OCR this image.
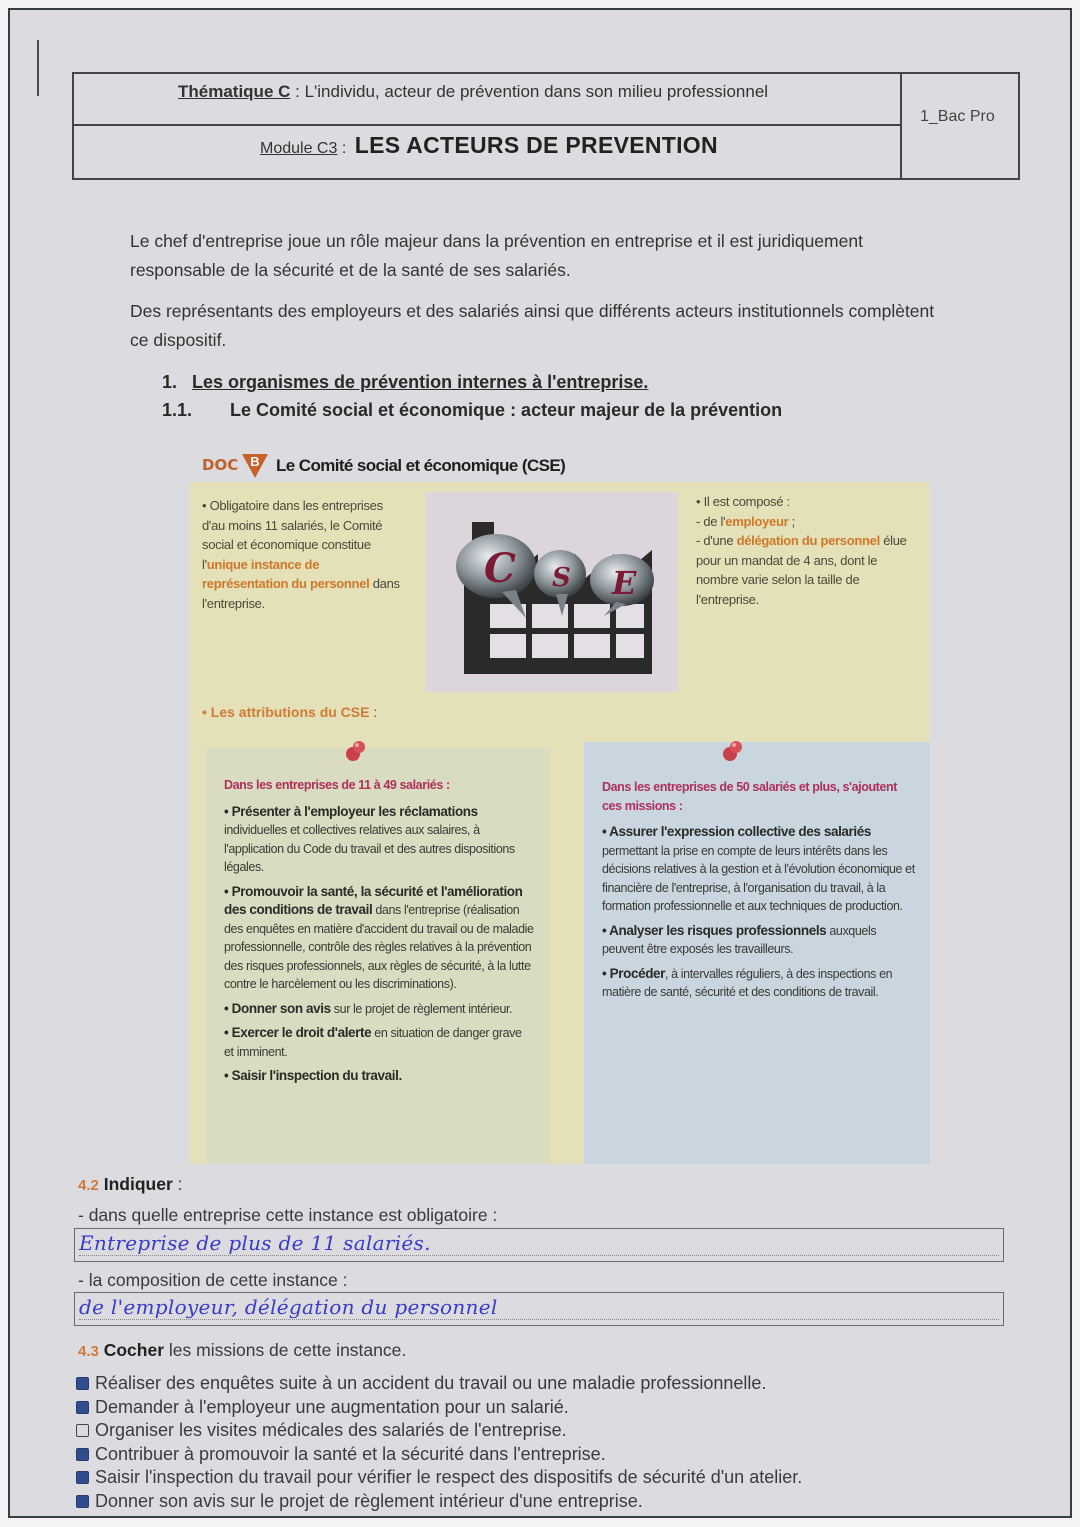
Thématique C : L'individu, acteur de prévention dans son milieu professionnel
Module C3 : LES ACTEURS DE PREVENTION
1_Bac Pro
Le chef d'entreprise joue un rôle majeur dans la prévention en entreprise et il est juridiquement responsable de la sécurité et de la santé de ses salariés.
Des représentants des employeurs et des salariés ainsi que différents acteurs institutionnels complètent ce dispositif.
1. Les organismes de prévention internes à l'entreprise.
1.1. Le Comité social et économique : acteur majeur de la prévention
DOC B Le Comité social et économique (CSE)
• Obligatoire dans les entreprises d'au moins 11 salariés, le Comité social et économique constitue l'unique instance de représentation du personnel dans l'entreprise.
C S E
• Il est composé :
- de l'employeur ;
- d'une délégation du personnel élue pour un mandat de 4 ans, dont le nombre varie selon la taille de l'entreprise.
• Les attributions du CSE :
Dans les entreprises de 11 à 49 salariés :
• Présenter à l'employeur les réclamations individuelles et collectives relatives aux salaires, à l'application du Code du travail et des autres dispositions légales.
• Promouvoir la santé, la sécurité et l'amélioration des conditions de travail dans l'entreprise (réalisation des enquêtes en matière d'accident du travail ou de maladie professionnelle, contrôle des règles relatives à la prévention des risques professionnels, aux règles de sécurité, à la lutte contre le harcèlement ou les discriminations).
• Donner son avis sur le projet de règlement intérieur.
• Exercer le droit d'alerte en situation de danger grave et imminent.
• Saisir l'inspection du travail.
Dans les entreprises de 50 salariés et plus, s'ajoutent ces missions :
• Assurer l'expression collective des salariés permettant la prise en compte de leurs intérêts dans les décisions relatives à la gestion et à l'évolution économique et financière de l'entreprise, à l'organisation du travail, à la formation professionnelle et aux techniques de production.
• Analyser les risques professionnels auxquels peuvent être exposés les travailleurs.
• Procéder, à intervalles réguliers, à des inspections en matière de santé, sécurité et des conditions de travail.
4.2 Indiquer :
- dans quelle entreprise cette instance est obligatoire :
Entreprise de plus de 11 salariés.
- la composition de cette instance :
de l'employeur, délégation du personnel
4.3 Cocher les missions de cette instance.
Réaliser des enquêtes suite à un accident du travail ou une maladie professionnelle.
Demander à l'employeur une augmentation pour un salarié.
Organiser les visites médicales des salariés de l'entreprise.
Contribuer à promouvoir la santé et la sécurité dans l'entreprise.
Saisir l'inspection du travail pour vérifier le respect des dispositifs de sécurité d'un atelier.
Donner son avis sur le projet de règlement intérieur d'une entreprise.
